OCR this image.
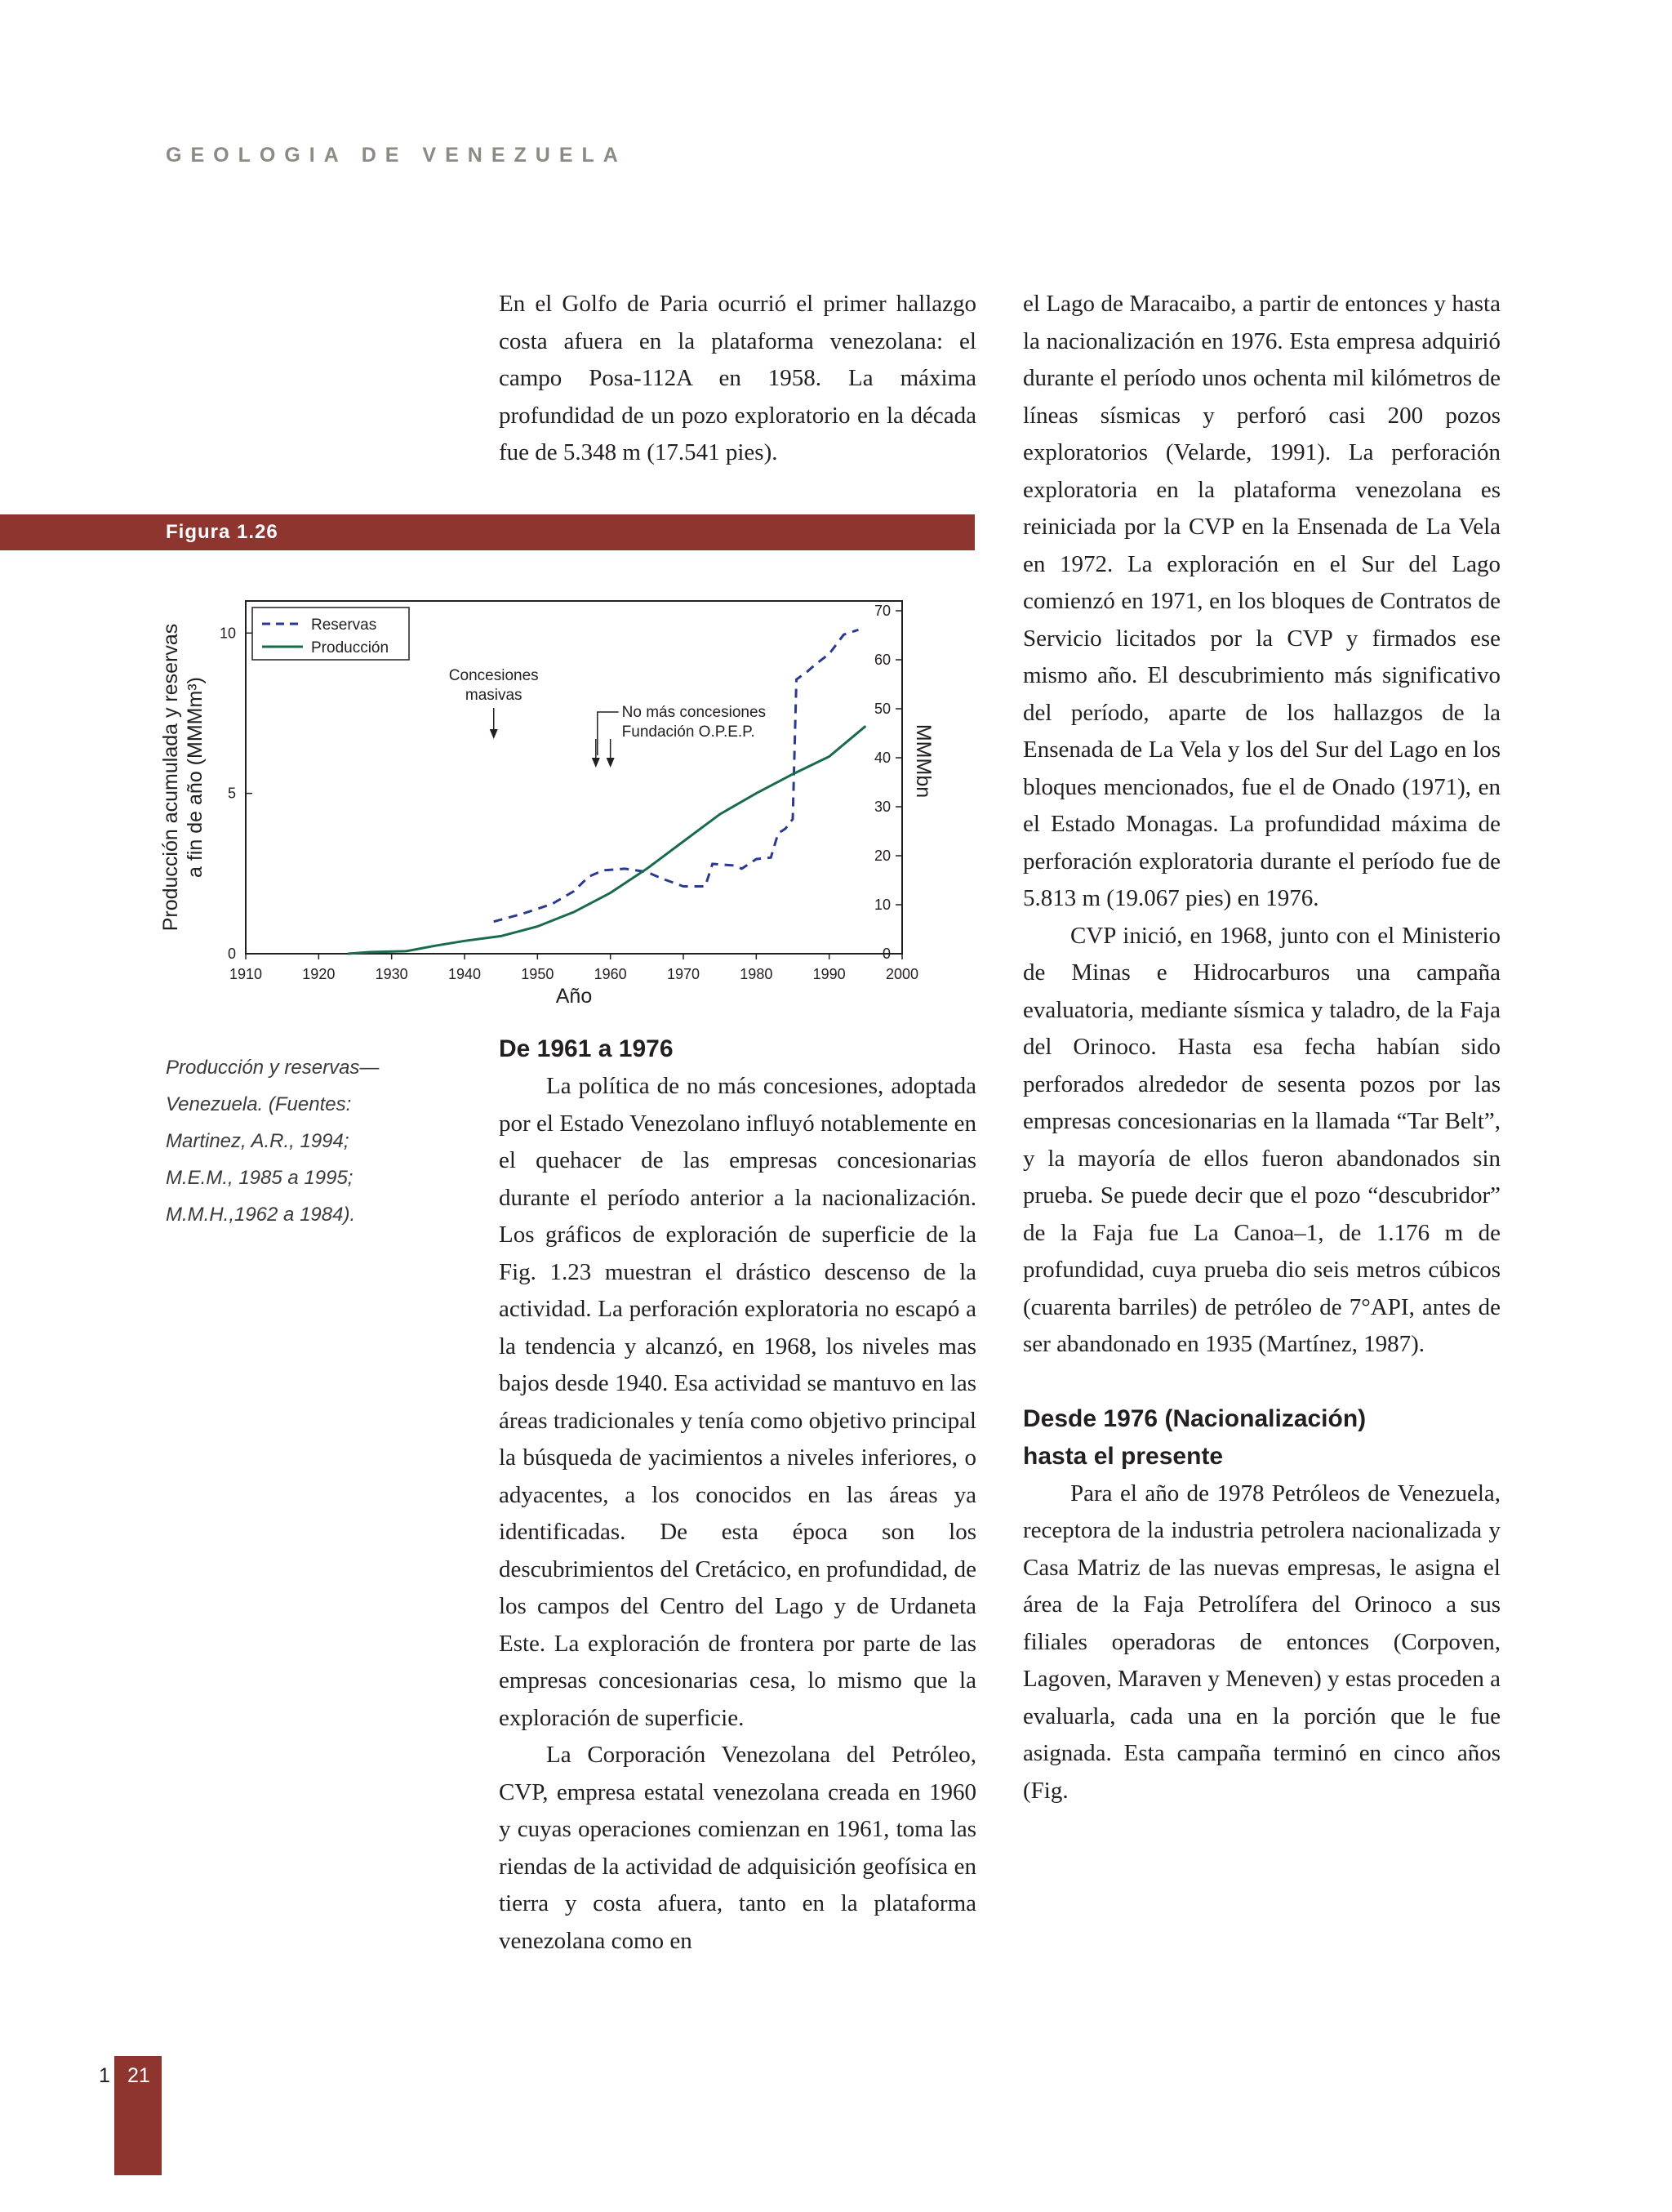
GEOLOGIA DE VENEZUELA
Figura 1.26
1910	1920	1930	1940	1950	1960	1970	1980	1990	2000
0
5
10
0
10
20
30
40
50
60
70
Año
Producción acumulada y reservasa fin de año (MMMm³)	MMMbn
Reservas
Producción
Concesiones
masivas
No más concesiones
Fundación O.P.E.P.

Producción y reservas—

Venezuela. (Fuentes:

Martinez, A.R., 1994;

M.E.M., 1985 a 1995;

M.M.H.,1962 a 1984).

En el Golfo de Paria ocurrió el primer hallazgo costa afuera en la plataforma venezolana: el campo Posa-112A en 1958. La máxima profundidad de un pozo exploratorio en la década fue de 5.348 m (17.541 pies).

De 1961 a 1976

La política de no más concesiones, adoptada por el Estado Venezolano influyó notablemente en el quehacer de las empresas concesionarias durante el período anterior a la nacionalización. Los gráficos de exploración de superficie de la Fig. 1.23 muestran el drástico descenso de la actividad. La perforación exploratoria no escapó a la tendencia y alcanzó, en 1968, los niveles mas bajos desde 1940. Esa actividad se mantuvo en las áreas tradicionales y tenía como objetivo principal la búsqueda de yacimientos a niveles inferiores, o adyacentes, a los conocidos en las áreas ya identificadas. De esta época son los descubrimientos del Cretácico, en profundidad, de los campos del Centro del Lago y de Urdaneta Este. La exploración de frontera por parte de las empresas concesionarias cesa, lo mismo que la exploración de superficie.

La Corporación Venezolana del Petróleo, CVP, empresa estatal venezolana creada en 1960 y cuyas operaciones comienzan en 1961, toma las riendas de la actividad de adquisición geofísica en tierra y costa afuera, tanto en la plataforma venezolana como en

el Lago de Maracaibo, a partir de entonces y hasta la nacionalización en 1976. Esta empresa adquirió durante el período unos ochenta mil kilómetros de líneas sísmicas y perforó casi 200 pozos exploratorios (Velarde, 1991). La perforación exploratoria en la plataforma venezolana es reiniciada por la CVP en la Ensenada de La Vela en 1972. La exploración en el Sur del Lago comienzó en 1971, en los bloques de Contratos de Servicio licitados por la CVP y firmados ese mismo año. El descubrimiento más significativo del período, aparte de los hallazgos de la Ensenada de La Vela y los del Sur del Lago en los bloques mencionados, fue el de Onado (1971), en el Estado Monagas. La profundidad máxima de perforación exploratoria durante el período fue de 5.813 m (19.067 pies) en 1976.

CVP inició, en 1968, junto con el Ministerio de Minas e Hidrocarburos una campaña evaluatoria, mediante sísmica y taladro, de la Faja del Orinoco. Hasta esa fecha habían sido perforados alrededor de sesenta pozos por las empresas concesionarias en la llamada “Tar Belt”, y la mayoría de ellos fueron abandonados sin prueba. Se puede decir que el pozo “descubridor” de la Faja fue La Canoa–1, de 1.176 m de profundidad, cuya prueba dio seis metros cúbicos (cuarenta barriles) de petróleo de 7°API, antes de ser abandonado en 1935 (Martínez, 1987).

Desde 1976 (Nacionalización)
hasta el presente

Para el año de 1978 Petróleos de Venezuela, receptora de la industria petrolera nacionalizada y Casa Matriz de las nuevas empresas, le asigna el área de la Faja Petrolífera del Orinoco a sus filiales operadoras de entonces (Corpoven, Lagoven, Maraven y Meneven) y estas proceden a evaluarla, cada una en la porción que le fue asignada. Esta campaña terminó en cinco años (Fig.

1 21
